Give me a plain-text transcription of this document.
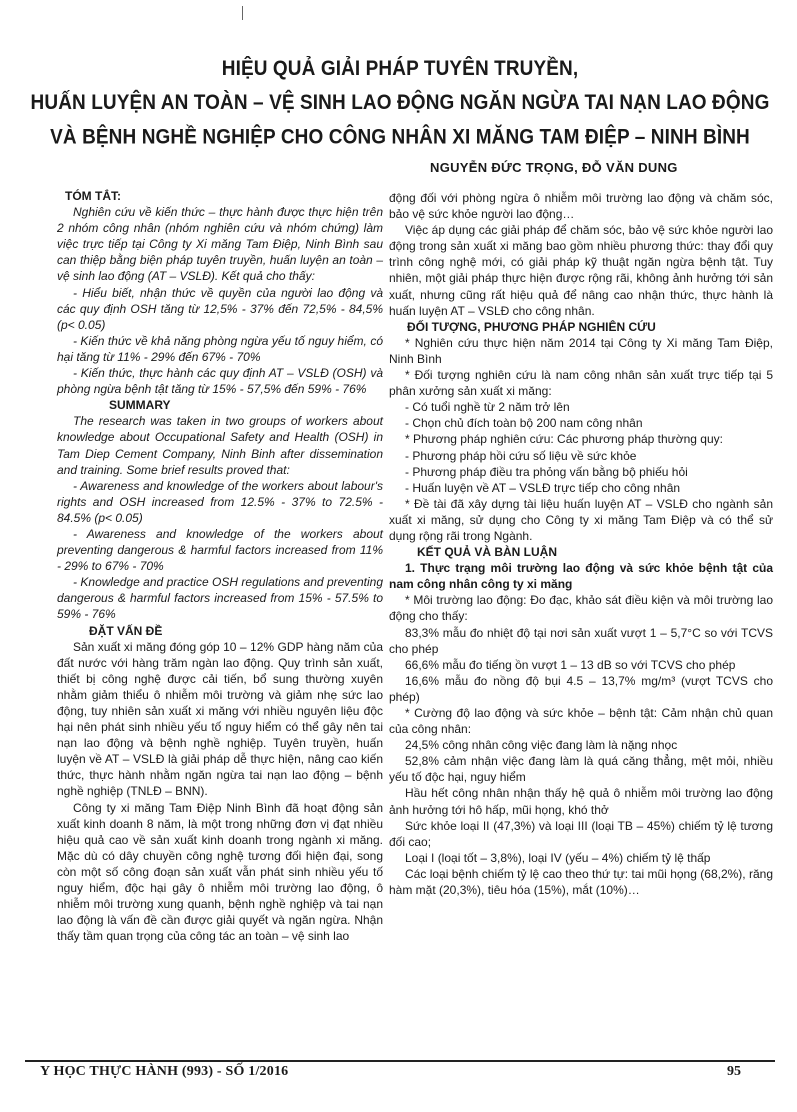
HIỆU QUẢ GIẢI PHÁP TUYÊN TRUYỀN,
HUẤN LUYỆN AN TOÀN – VỆ SINH LAO ĐỘNG NGĂN NGỪA TAI NẠN LAO ĐỘNG
VÀ BỆNH NGHỀ NGHIỆP CHO CÔNG NHÂN XI MĂNG TAM ĐIỆP – NINH BÌNH
NGUYỄN ĐỨC TRỌNG, ĐỖ VĂN DUNG

TÓM TẮT:

Nghiên cứu về kiến thức – thực hành được thực hiện trên 2 nhóm công nhân (nhóm nghiên cứu và nhóm chứng) làm việc trực tiếp tại Công ty Xi măng Tam Điệp, Ninh Bình sau can thiệp bằng biện pháp tuyên truyền, huấn luyện an toàn – vệ sinh lao động (AT – VSLĐ). Kết quả cho thấy:

- Hiểu biết, nhận thức về quyền của người lao động và các quy định OSH tăng từ 12,5% - 37% đến 72,5% - 84,5% (p< 0.05)

- Kiến thức về khả năng phòng ngừa yếu tố nguy hiểm, có hại tăng từ 11% - 29% đến 67% - 70%

- Kiến thức, thực hành các quy định AT – VSLĐ (OSH) và phòng ngừa bệnh tật tăng từ 15% - 57,5% đến 59% - 76%

SUMMARY

The research was taken in two groups of workers about knowledge about Occupational Safety and Health (OSH) in Tam Diep Cement Company, Ninh Binh after dissemination and training. Some brief results proved that:

- Awareness and knowledge of the workers about labour's rights and OSH increased from 12.5% - 37% to 72.5% - 84.5% (p< 0.05)

- Awareness and knowledge of the workers about preventing dangerous & harmful factors increased from 11% - 29% to 67% - 70%

- Knowledge and practice OSH regulations and preventing dangerous & harmful factors increased from 15% - 57.5% to 59% - 76%

ĐẶT VẤN ĐỀ

Sản xuất xi măng đóng góp 10 – 12% GDP hàng năm của đất nước với hàng trăm ngàn lao động. Quy trình sản xuất, thiết bị công nghệ được cải tiến, bổ sung thường xuyên nhằm giảm thiểu ô nhiễm môi trường và giảm nhẹ sức lao động, tuy nhiên sản xuất xi măng với nhiều nguyên liệu độc hại nên phát sinh nhiều yếu tố nguy hiểm có thể gây nên tai nạn lao động và bệnh nghề nghiệp. Tuyên truyền, huấn luyện về AT – VSLĐ là giải pháp dễ thực hiện, nâng cao kiến thức, thực hành nhằm ngăn ngừa tai nạn lao động – bệnh nghề nghiệp (TNLĐ – BNN).

Công ty xi măng Tam Điệp Ninh Bình đã hoạt động sản xuất kinh doanh 8 năm, là một trong những đơn vị đạt nhiều hiệu quả cao về sản xuất kinh doanh trong ngành xi măng. Mặc dù có dây chuyền công nghệ tương đối hiện đại, song còn một số công đoạn sản xuất vẫn phát sinh nhiều yếu tố nguy hiểm, độc hại gây ô nhiễm môi trường lao động, ô nhiễm môi trường xung quanh, bệnh nghề nghiệp và tai nạn lao động là vấn đề cần được giải quyết và ngăn ngừa. Nhận thấy tầm quan trọng của công tác an toàn – vệ sinh lao

động đối với phòng ngừa ô nhiễm môi trường lao động và chăm sóc, bảo vệ sức khỏe người lao động…

Việc áp dụng các giải pháp để chăm sóc, bảo vệ sức khỏe người lao động trong sản xuất xi măng bao gồm nhiều phương thức: thay đổi quy trình công nghệ mới, có giải pháp kỹ thuật ngăn ngừa bệnh tật. Tuy nhiên, một giải pháp thực hiện được rộng rãi, không ảnh hưởng tới sản xuất, nhưng cũng rất hiệu quả để nâng cao nhận thức, thực hành là huấn luyện AT – VSLĐ cho công nhân.

ĐỐI TƯỢNG, PHƯƠNG PHÁP NGHIÊN CỨU

* Nghiên cứu thực hiện năm 2014 tại Công ty Xi măng Tam Điệp, Ninh Bình

* Đối tượng nghiên cứu là nam công nhân sản xuất trực tiếp tại 5 phân xưởng sản xuất xi măng:

- Có tuổi nghề từ 2 năm trở lên

- Chọn chủ đích toàn bộ 200 nam công nhân

* Phương pháp nghiên cứu: Các phương pháp thường quy:

- Phương pháp hồi cứu số liệu về sức khỏe

- Phương pháp điều tra phỏng vấn bằng bộ phiếu hỏi

- Huấn luyện về AT – VSLĐ trực tiếp cho công nhân

* Đề tài đã xây dựng tài liệu huấn luyện AT – VSLĐ cho ngành sản xuất xi măng, sử dụng cho Công ty xi măng Tam Điệp và có thể sử dụng rộng rãi trong Ngành.

KẾT QUẢ VÀ BÀN LUẬN

1. Thực trạng môi trường lao động và sức khỏe bệnh tật của nam công nhân công ty xi măng

* Môi trường lao động: Đo đạc, khảo sát điều kiện và môi trường lao động cho thấy:

83,3% mẫu đo nhiệt độ tại nơi sản xuất vượt 1 – 5,7°C so với TCVS cho phép

66,6% mẫu đo tiếng ồn vượt 1 – 13 dB so với TCVS cho phép

16,6% mẫu đo nồng độ bụi 4.5 – 13,7% mg/m³ (vượt TCVS cho phép)

* Cường độ lao động và sức khỏe – bệnh tật: Cảm nhận chủ quan của công nhân:

24,5% công nhân công việc đang làm là nặng nhọc

52,8% cảm nhận việc đang làm là quá căng thẳng, mệt mỏi, nhiều yếu tố độc hại, nguy hiểm

Hầu hết công nhân nhận thấy hệ quả ô nhiễm môi trường lao động ảnh hưởng tới hô hấp, mũi họng, khó thở

Sức khỏe loại II (47,3%) và loại III (loại TB – 45%) chiếm tỷ lệ tương đối cao;

Loại I (loại tốt – 3,8%), loại IV (yếu – 4%) chiếm tỷ lệ thấp

Các loại bệnh chiếm tỷ lệ cao theo thứ tự: tai mũi họng (68,2%), răng hàm mặt (20,3%), tiêu hóa (15%), mắt (10%)…

Y HỌC THỰC HÀNH (993) - SỐ 1/2016	95
